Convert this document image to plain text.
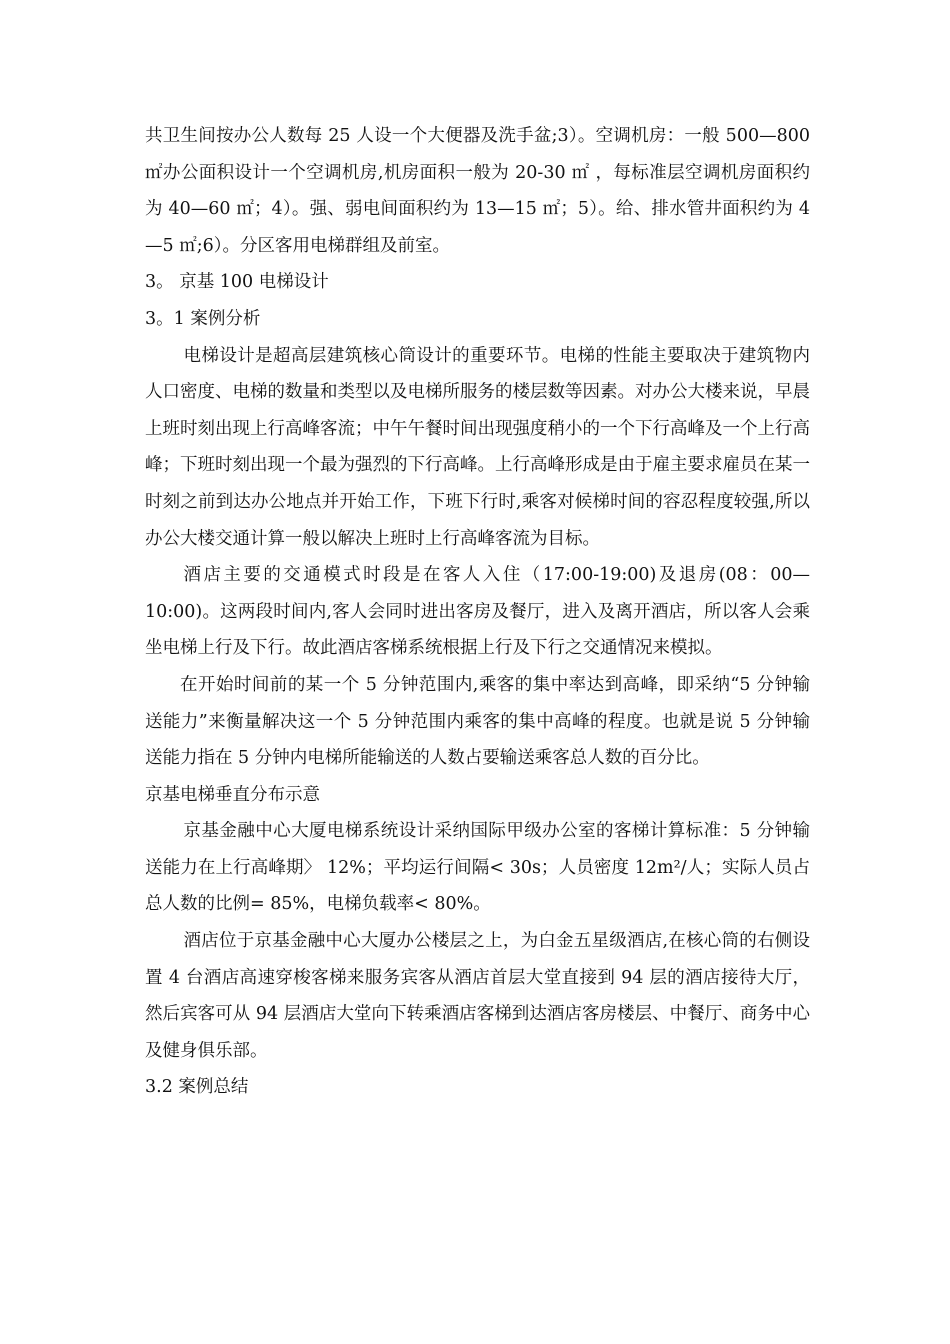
共卫生间按办公人数每 25 人设一个大便器及洗手盆;3）。空调机房：一般 500—800 ㎡办公面积设计一个空调机房,机房面积一般为 20-30 ㎡ ，每标准层空调机房面积约为 40—60 ㎡；4）。强、弱电间面积约为 13—15 ㎡；5）。给、排水管井面积约为 4—5 ㎡;6）。分区客用电梯群组及前室。

3。 京基 100 电梯设计

3。1 案例分析

电梯设计是超高层建筑核心筒设计的重要环节。电梯的性能主要取决于建筑物内人口密度、电梯的数量和类型以及电梯所服务的楼层数等因素。对办公大楼来说，早晨上班时刻出现上行高峰客流；中午午餐时间出现强度稍小的一个下行高峰及一个上行高峰；下班时刻出现一个最为强烈的下行高峰。上行高峰形成是由于雇主要求雇员在某一时刻之前到达办公地点并开始工作，下班下行时,乘客对候梯时间的容忍程度较强,所以办公大楼交通计算一般以解决上班时上行高峰客流为目标。

酒店主要的交通模式时段是在客人入住（17:00-19:00)及退房(08：00—10:00)。这两段时间内,客人会同时进出客房及餐厅，进入及离开酒店，所以客人会乘坐电梯上行及下行。故此酒店客梯系统根据上行及下行之交通情况来模拟。

在开始时间前的某一个 5 分钟范围内,乘客的集中率达到高峰，即采纳“5 分钟输送能力”来衡量解决这一个 5 分钟范围内乘客的集中高峰的程度。也就是说 5 分钟输送能力指在 5 分钟内电梯所能输送的人数占要输送乘客总人数的百分比。

京基电梯垂直分布示意

京基金融中心大厦电梯系统设计采纳国际甲级办公室的客梯计算标准：5 分钟输送能力在上行高峰期〉 12%；平均运行间隔< 30s；人员密度 12m²/人；实际人员占总人数的比例= 85%，电梯负载率< 80%。

酒店位于京基金融中心大厦办公楼层之上，为白金五星级酒店,在核心筒的右侧设置 4 台酒店高速穿梭客梯来服务宾客从酒店首层大堂直接到 94 层的酒店接待大厅，然后宾客可从 94 层酒店大堂向下转乘酒店客梯到达酒店客房楼层、中餐厅、商务中心及健身俱乐部。

3.2 案例总结
